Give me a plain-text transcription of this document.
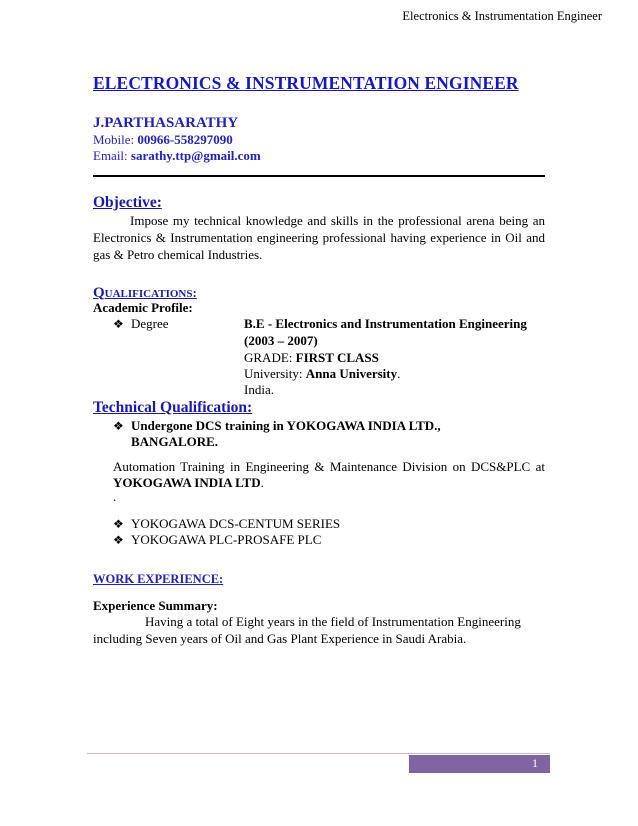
Electronics & Instrumentation Engineer
ELECTRONICS & INSTRUMENTATION ENGINEER
J.PARTHASARATHY
Mobile: 00966-558297090
Email: sarathy.ttp@gmail.com
Objective:
Impose my technical knowledge and skills in the professional arena being an Electronics & Instrumentation engineering professional having experience in Oil and gas & Petro chemical Industries.
QUALIFICATIONS:
Academic Profile:
❖ Degree	B.E - Electronics and Instrumentation Engineering
(2003 – 2007)
GRADE: FIRST CLASS
University: Anna University.
India.
Technical Qualification:
❖ Undergone DCS training in YOKOGAWA INDIA LTD.,
BANGALORE.
Automation Training in Engineering & Maintenance Division on DCS&PLC at
YOKOGAWA INDIA LTD.
.
❖ YOKOGAWA DCS-CENTUM SERIES
❖ YOKOGAWA PLC-PROSAFE PLC
WORK EXPERIENCE:
Experience Summary:
Having a total of Eight years in the field of Instrumentation Engineering including Seven years of Oil and Gas Plant Experience in Saudi Arabia.
1
